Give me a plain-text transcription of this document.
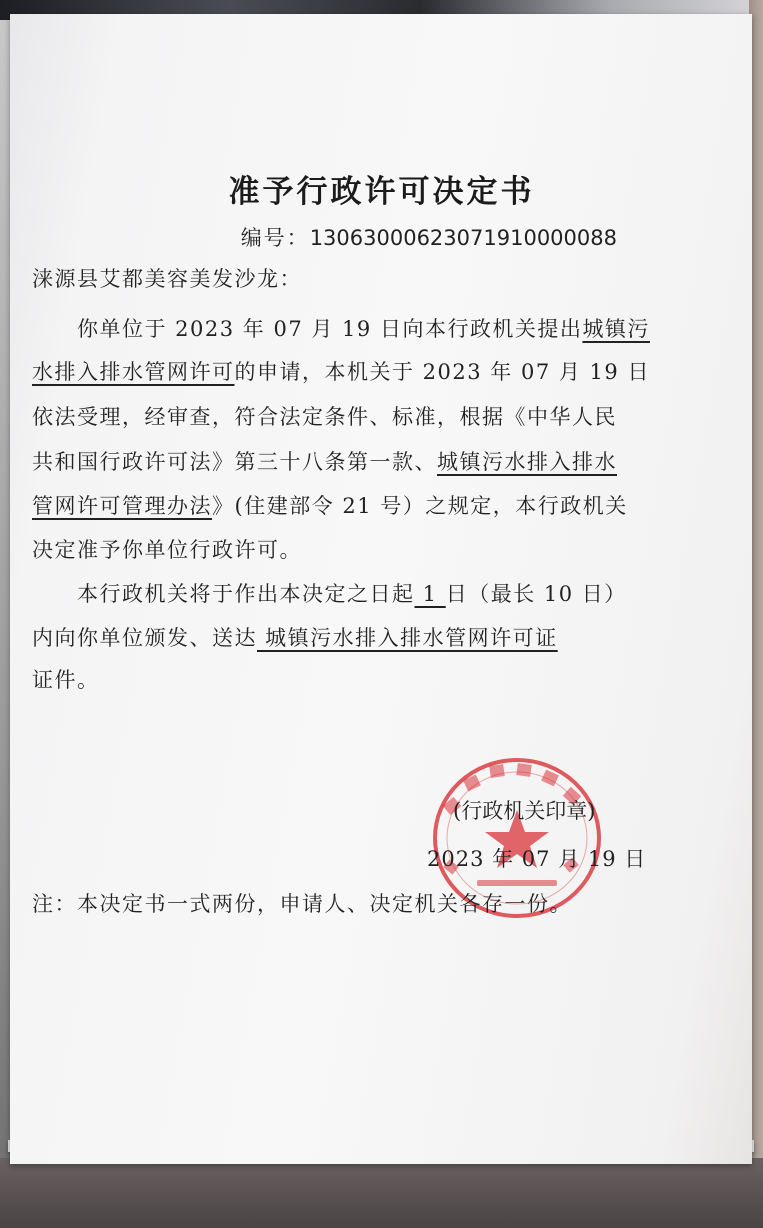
准予行政许可决定书
编号：13063000623071910000088
涞源县艾都美容美发沙龙：
你单位于 2023 年 07 月 19 日向本行政机关提出城镇污
水排入排水管网许可的申请，本机关于 2023 年 07 月 19 日
依法受理，经审查，符合法定条件、标准，根据《中华人民
共和国行政许可法》第三十八条第一款、城镇污水排入排水
管网许可管理办法》(住建部令 21 号）之规定，本行政机关
决定准予你单位行政许可。
本行政机关将于作出本决定之日起 1 日（最长 10 日）
内向你单位颁发、送达 城镇污水排入排水管网许可证
证件。
(行政机关印章)
2023 年 07 月 19 日
注：本决定书一式两份，申请人、决定机关各存一份。
